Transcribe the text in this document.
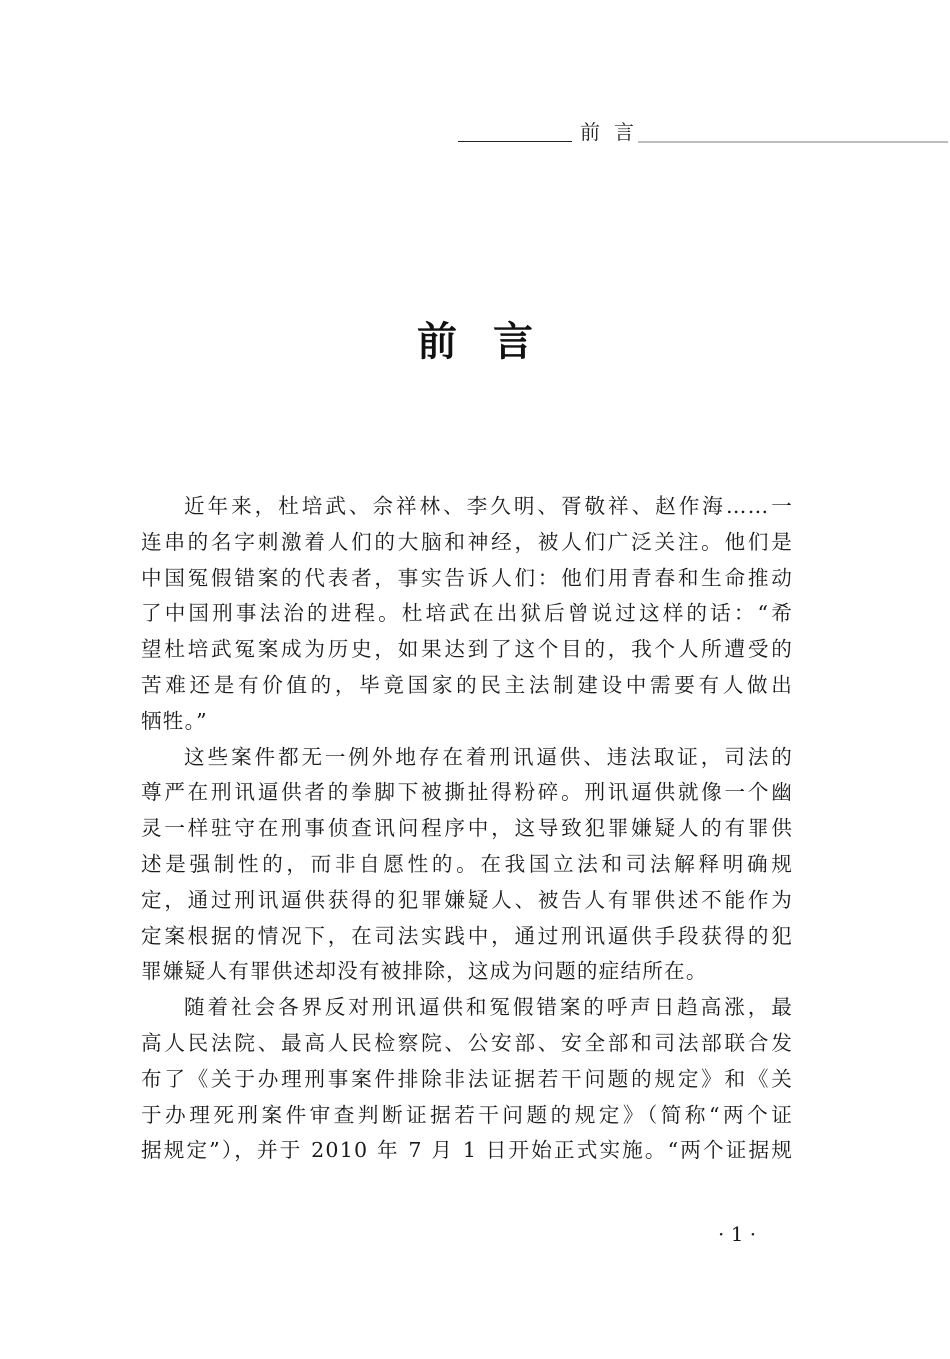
前言
前言

近年来，杜培武、佘祥林、李久明、胥敬祥、赵作海……一
连串的名字刺激着人们的大脑和神经，被人们广泛关注。他们是
中国冤假错案的代表者，事实告诉人们：他们用青春和生命推动
了中国刑事法治的进程。杜培武在出狱后曾说过这样的话：“希
望杜培武冤案成为历史，如果达到了这个目的，我个人所遭受的
苦难还是有价值的，毕竟国家的民主法制建设中需要有人做出
牺牲。”

这些案件都无一例外地存在着刑讯逼供、违法取证，司法的
尊严在刑讯逼供者的拳脚下被撕扯得粉碎。刑讯逼供就像一个幽
灵一样驻守在刑事侦查讯问程序中，这导致犯罪嫌疑人的有罪供
述是强制性的，而非自愿性的。在我国立法和司法解释明确规
定，通过刑讯逼供获得的犯罪嫌疑人、被告人有罪供述不能作为
定案根据的情况下，在司法实践中，通过刑讯逼供手段获得的犯
罪嫌疑人有罪供述却没有被排除，这成为问题的症结所在。

随着社会各界反对刑讯逼供和冤假错案的呼声日趋高涨，最
高人民法院、最高人民检察院、公安部、安全部和司法部联合发
布了《关于办理刑事案件排除非法证据若干问题的规定》和《关
于办理死刑案件审查判断证据若干问题的规定》（简称“两个证
据规定”），并于 2010 年 7 月 1 日开始正式实施。“两个证据规

· 1 ·
